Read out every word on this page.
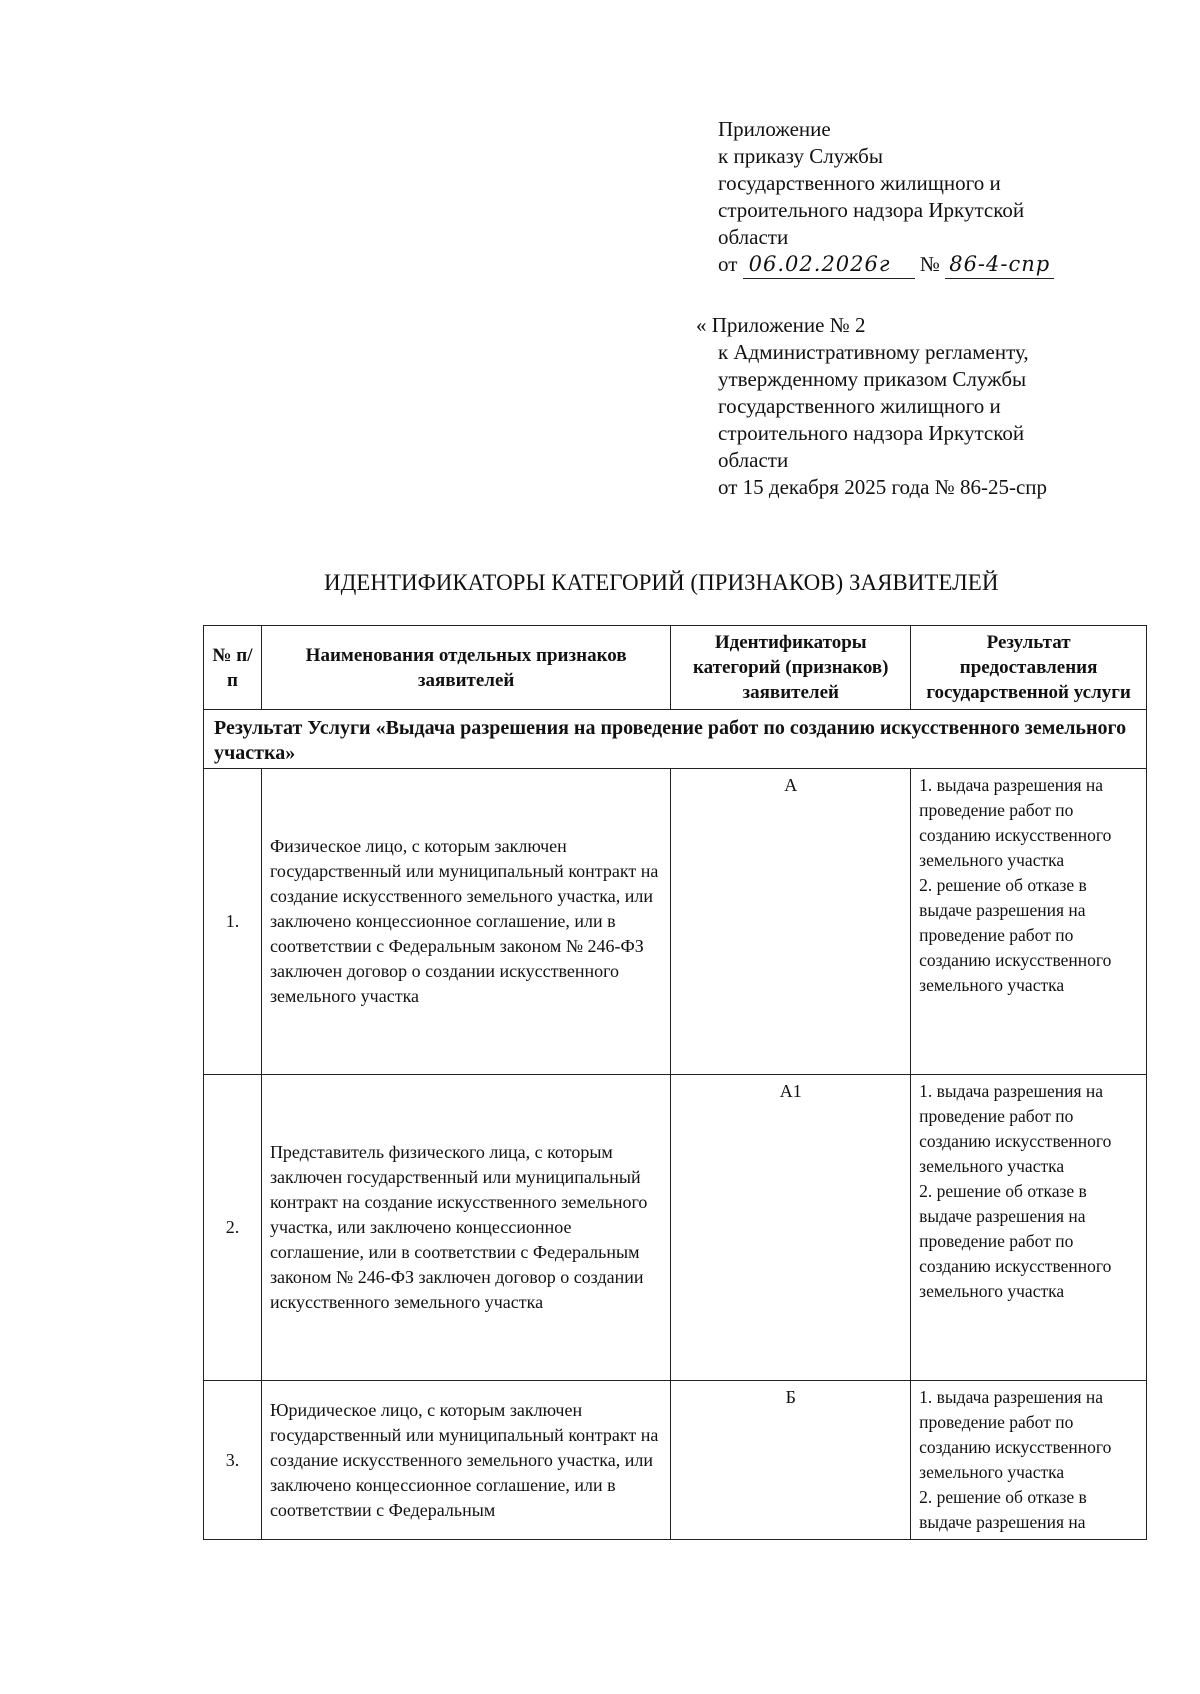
Приложение
к приказу Службы
государственного жилищного и
строительного надзора Иркутской
области
от 06.02.2026г № 86-4-спр
« Приложение № 2
к Административному регламенту,
утвержденному приказом Службы
государственного жилищного и
строительного надзора Иркутской
области
от 15 декабря 2025 года № 86-25-спр
ИДЕНТИФИКАТОРЫ КАТЕГОРИЙ (ПРИЗНАКОВ) ЗАЯВИТЕЛЕЙ
№ п/п	Наименования отдельных признаков заявителей	Идентификаторы категорий (признаков) заявителей	Результат предоставления государственной услуги
Результат Услуги «Выдача разрешения на проведение работ по созданию искусственного земельного участка»			
1.	Физическое лицо, с которым заключен государственный или муниципальный контракт на создание искусственного земельного участка, или заключено концессионное соглашение, или в соответствии с Федеральным законом № 246-ФЗ заключен договор о создании искусственного земельного участка	А	1. выдача разрешения на проведение работ по созданию искусственного земельного участка
2. решение об отказе в выдаче разрешения на проведение работ по созданию искусственного земельного участка

2.	Представитель физического лица, с которым заключен государственный или муниципальный контракт на создание искусственного земельного участка, или заключено концессионное соглашение, или в соответствии с Федеральным законом № 246-ФЗ заключен договор о создании искусственного земельного участка	А1	1. выдача разрешения на проведение работ по созданию искусственного земельного участка
2. решение об отказе в выдаче разрешения на проведение работ по созданию искусственного земельного участка

3.	Юридическое лицо, с которым заключен государственный или муниципальный контракт на создание искусственного земельного участка, или заключено концессионное соглашение, или в соответствии с Федеральным	Б	1. выдача разрешения на проведение работ по созданию искусственного земельного участка
2. решение об отказе в выдаче разрешения на
